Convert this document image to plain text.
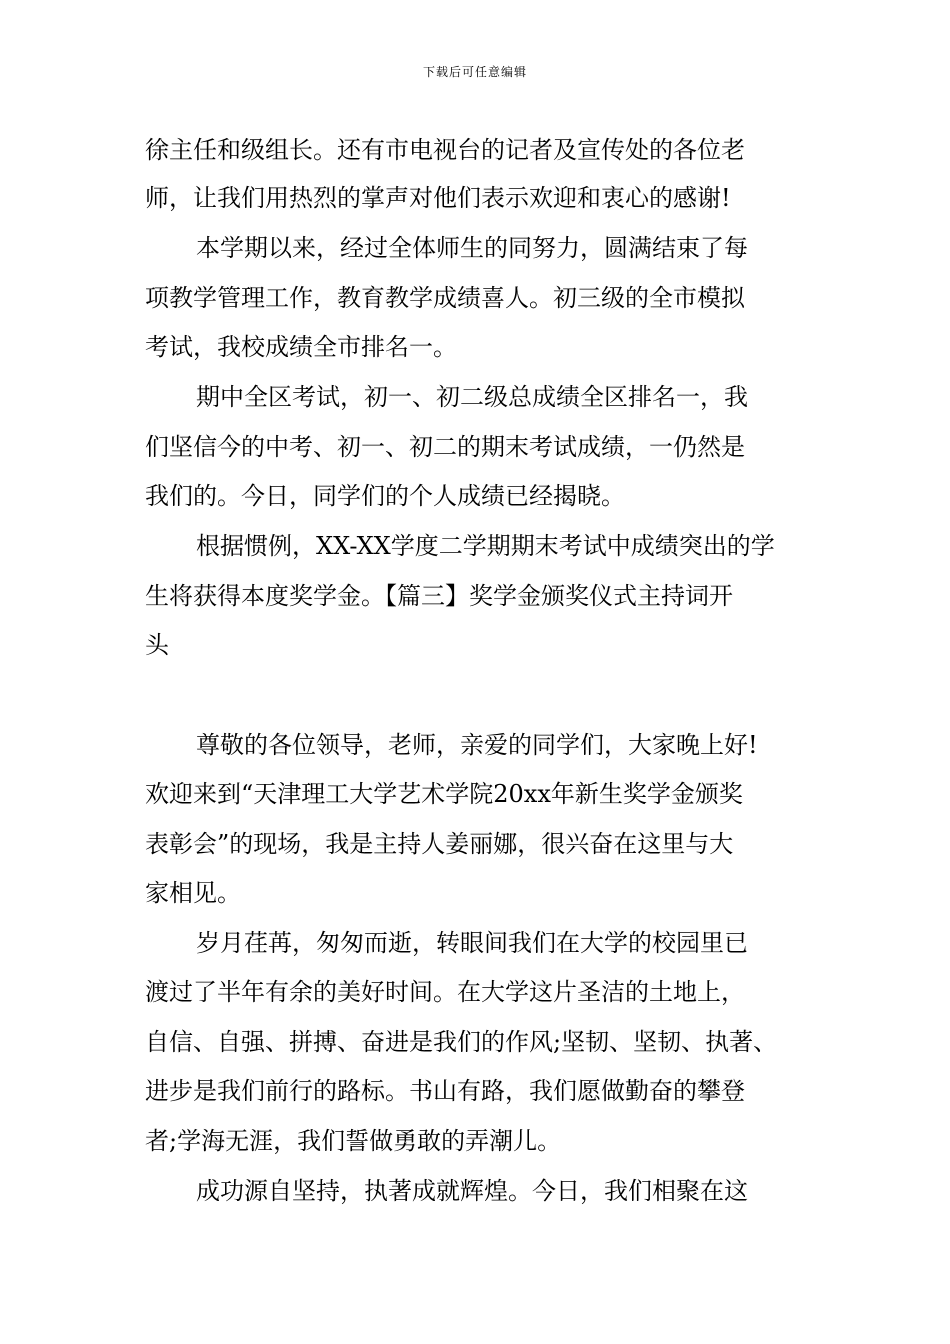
下载后可任意编辑
徐主任和级组长。还有市电视台的记者及宣传处的各位老
师，让我们用热烈的掌声对他们表示欢迎和衷心的感谢!
本学期以来，经过全体师生的同努力，圆满结束了每
项教学管理工作，教育教学成绩喜人。初三级的全市模拟
考试，我校成绩全市排名一。
期中全区考试，初一、初二级总成绩全区排名一，我
们坚信今的中考、初一、初二的期末考试成绩，一仍然是
我们的。今日，同学们的个人成绩已经揭晓。
根据惯例，XX-XX学度二学期期末考试中成绩突出的学
生将获得本度奖学金。【篇三】奖学金颁奖仪式主持词开
头
尊敬的各位领导，老师，亲爱的同学们，大家晚上好!
欢迎来到“天津理工大学艺术学院20xx年新生奖学金颁奖
表彰会”的现场，我是主持人姜丽娜，很兴奋在这里与大
家相见。
岁月荏苒，匆匆而逝，转眼间我们在大学的校园里已
渡过了半年有余的美好时间。在大学这片圣洁的土地上，
自信、自强、拼搏、奋进是我们的作风;坚韧、坚韧、执著、
进步是我们前行的路标。书山有路，我们愿做勤奋的攀登
者;学海无涯，我们誓做勇敢的弄潮儿。
成功源自坚持，执著成就辉煌。今日，我们相聚在这
